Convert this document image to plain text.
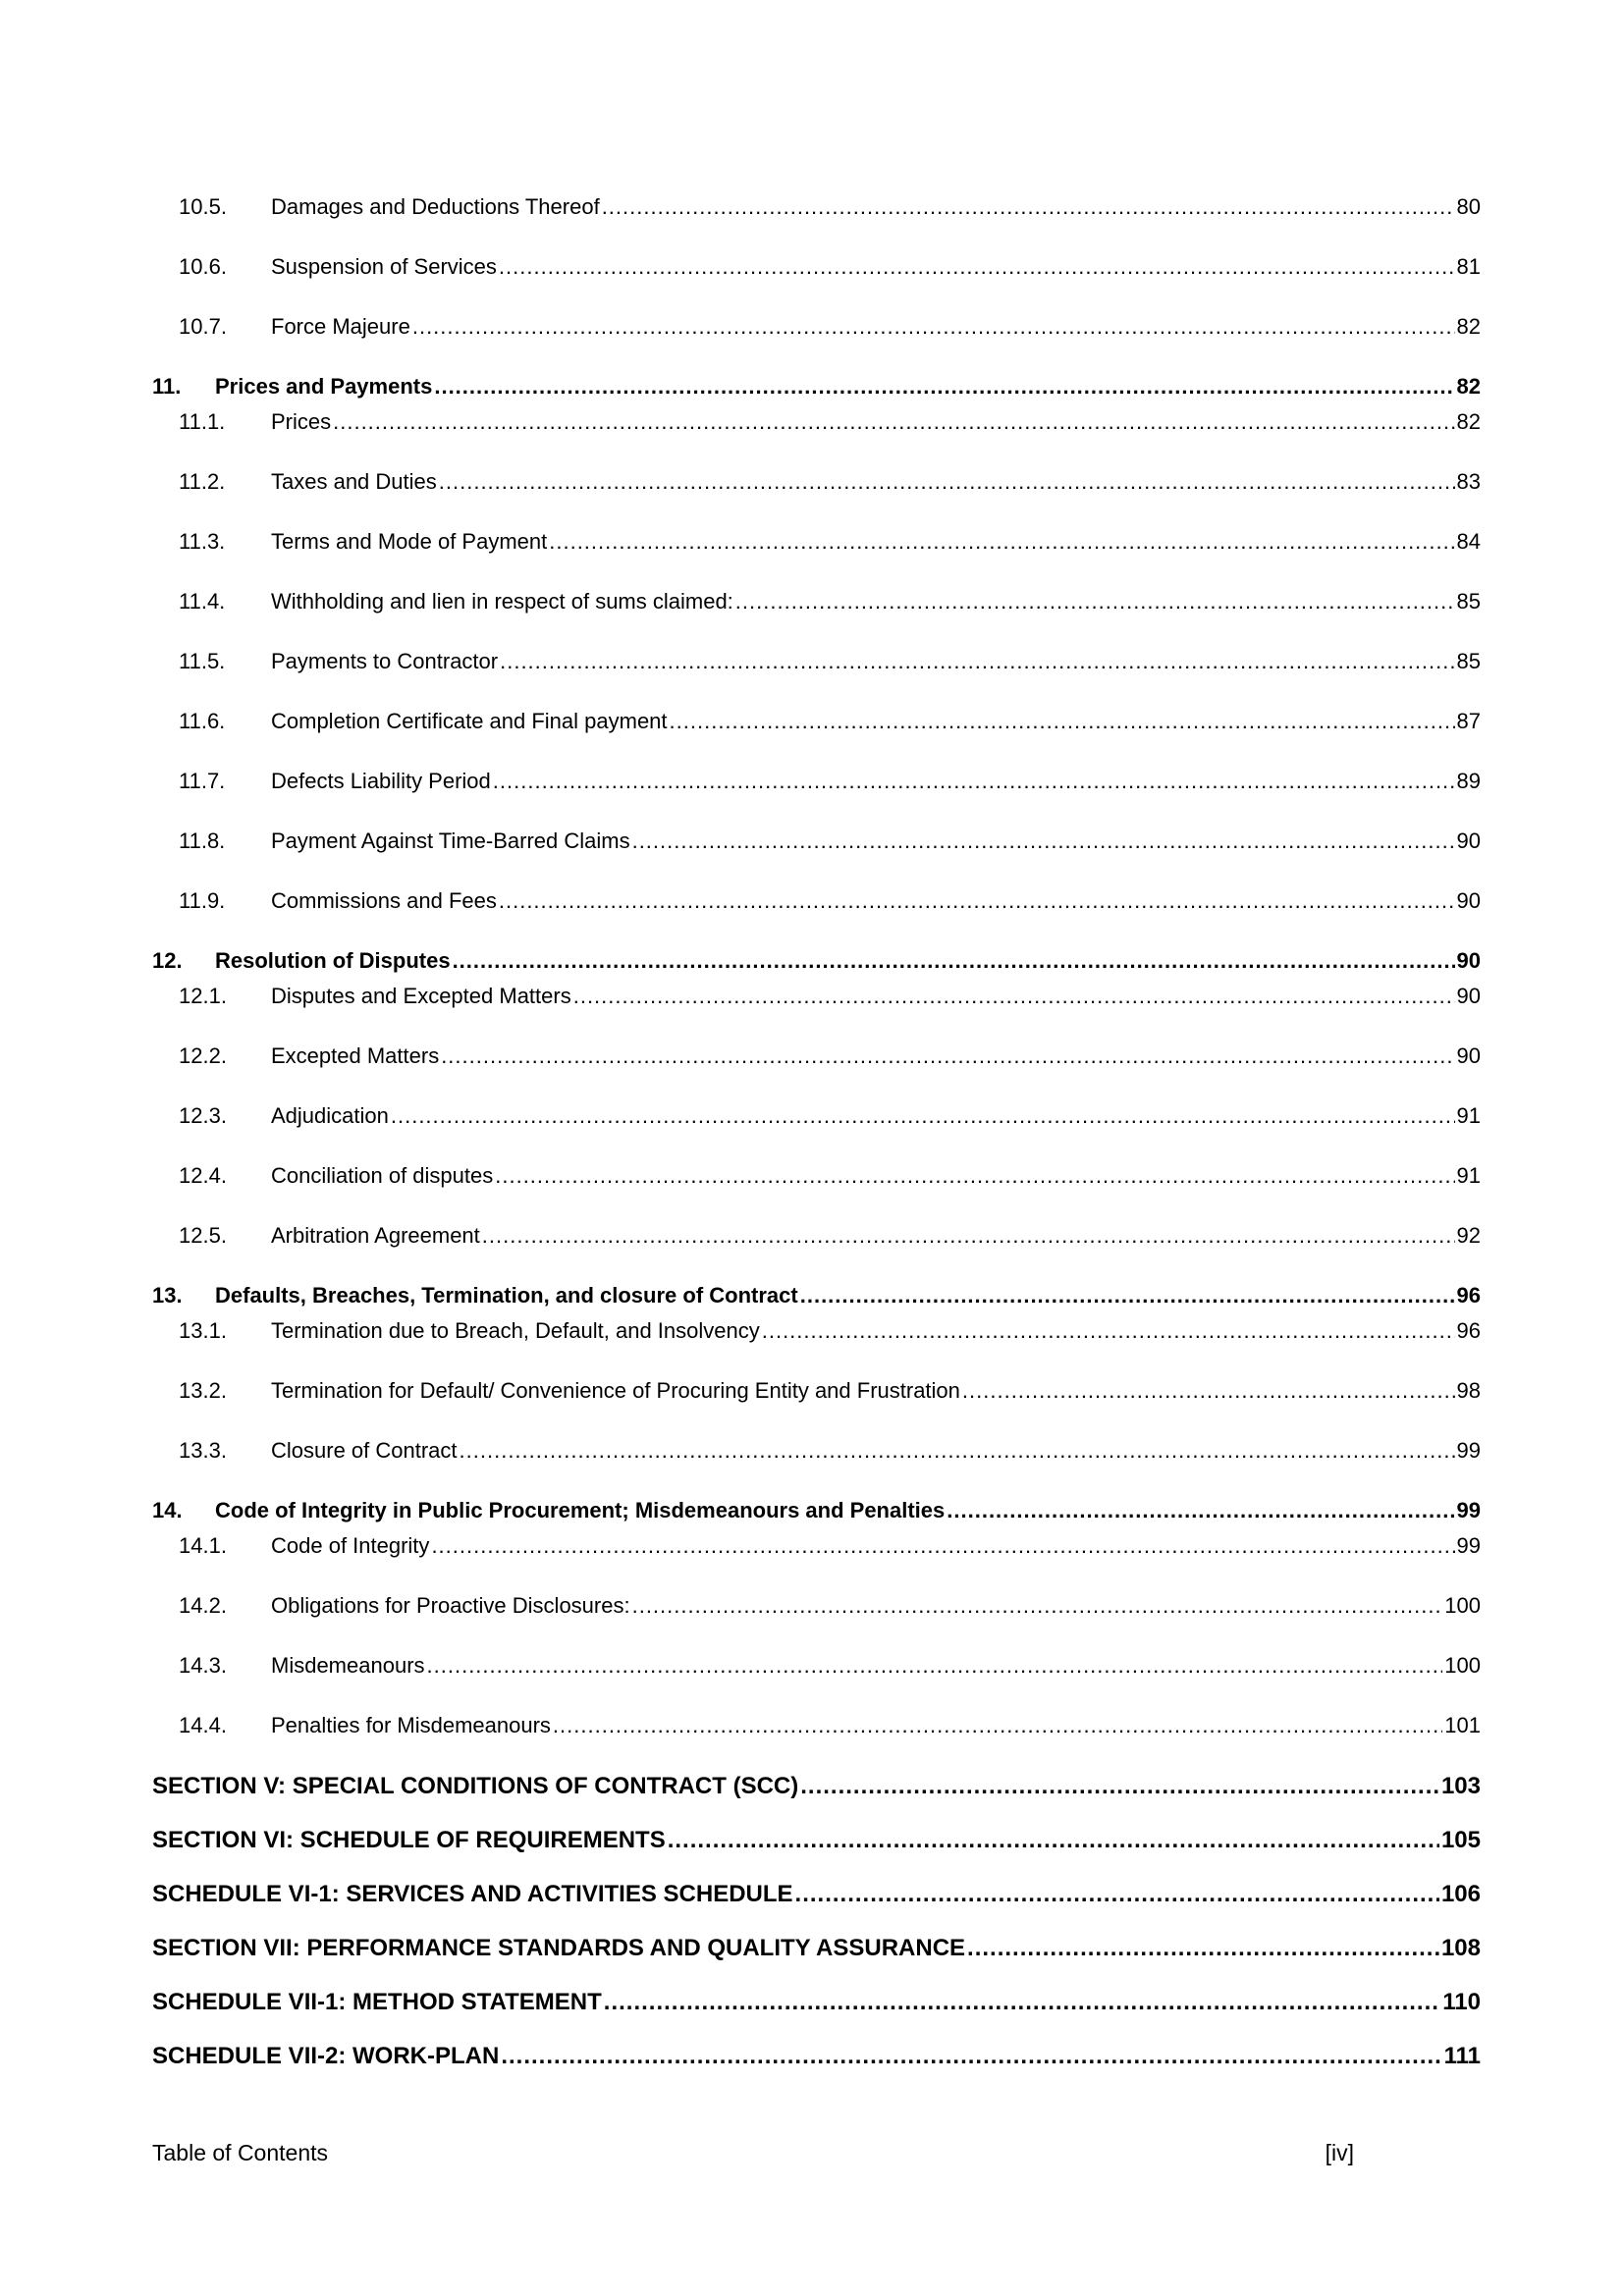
10.5.	Damages and Deductions Thereof .....	80
10.6.	Suspension of Services .....	81
10.7.	Force Majeure .....	82
11.	Prices and Payments .....	82
11.1.	Prices .....	82
11.2.	Taxes and Duties .....	83
11.3.	Terms and Mode of Payment .....	84
11.4.	Withholding and lien in respect of sums claimed: .....	85
11.5.	Payments to Contractor .....	85
11.6.	Completion Certificate and Final payment .....	87
11.7.	Defects Liability Period .....	89
11.8.	Payment Against Time-Barred Claims .....	90
11.9.	Commissions and Fees .....	90
12.	Resolution of Disputes .....	90
12.1.	Disputes and Excepted Matters .....	90
12.2.	Excepted Matters .....	90
12.3.	Adjudication .....	91
12.4.	Conciliation of disputes .....	91
12.5.	Arbitration Agreement .....	92
13.	Defaults, Breaches, Termination, and closure of Contract .....	96
13.1.	Termination due to Breach, Default, and Insolvency .....	96
13.2.	Termination for Default/ Convenience of Procuring Entity and Frustration .....	98
13.3.	Closure of Contract .....	99
14.	Code of Integrity in Public Procurement; Misdemeanours and Penalties .....	99
14.1.	Code of Integrity .....	99
14.2.	Obligations for Proactive Disclosures: .....	100
14.3.	Misdemeanours .....	100
14.4.	Penalties for Misdemeanours .....	101
SECTION V: SPECIAL CONDITIONS OF CONTRACT (SCC) .....	103
SECTION VI: SCHEDULE OF REQUIREMENTS .....	105
SCHEDULE VI-1: SERVICES AND ACTIVITIES SCHEDULE .....	106
SECTION VII: PERFORMANCE STANDARDS AND QUALITY ASSURANCE .....	108
SCHEDULE VII-1: METHOD STATEMENT .....	110
SCHEDULE VII-2: WORK-PLAN .....	111
Table of Contents	[iv]
